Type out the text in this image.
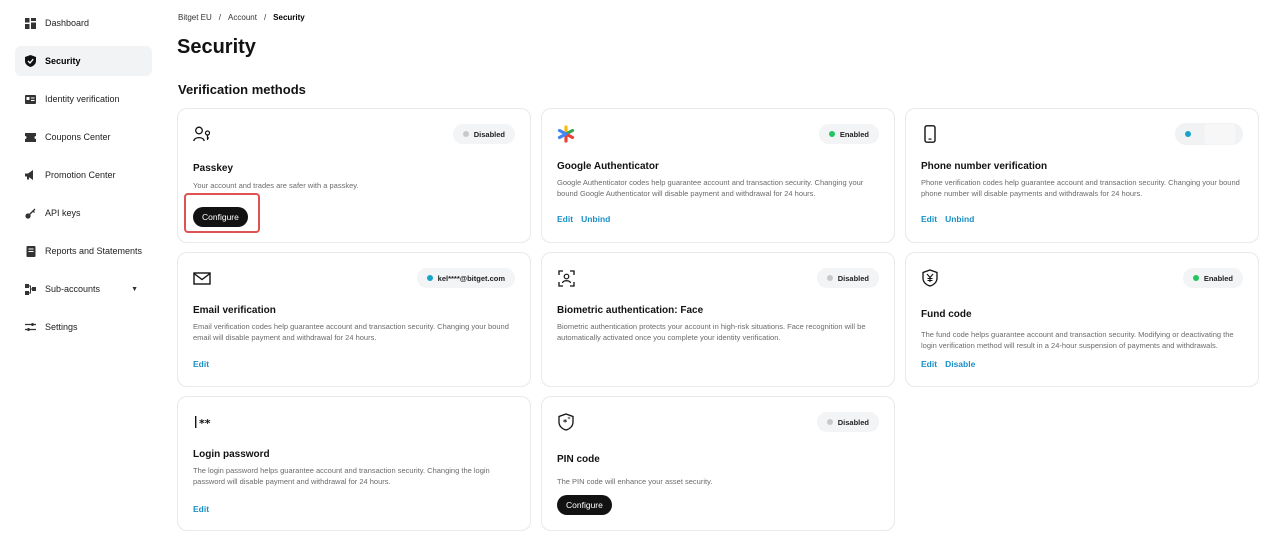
Dashboard
Security
Identity verification
Coupons Center
Promotion Center
API keys
Reports and Statements
Sub-accounts	▼
Settings
Bitget EU / Account / Security
Security
Verification methods
Disabled
Passkey
Your account and trades are safer with a passkey.
Configure
Enabled
Google Authenticator
Google Authenticator codes help guarantee account and transaction security. Changing your bound Google Authenticator will disable payment and withdrawal for 24 hours.
Edit Unbind
Phone number verification
Phone verification codes help guarantee account and transaction security. Changing your bound phone number will disable payments and withdrawals for 24 hours.
Edit Unbind
kel****@bitget.com
Email verification
Email verification codes help guarantee account and transaction security. Changing your bound email will disable payment and withdrawal for 24 hours.
Edit
Disabled
Biometric authentication: Face
Biometric authentication protects your account in high-risk situations. Face recognition will be automatically activated once you complete your identity verification.
Enabled
Fund code
The fund code helps guarantee account and transaction security. Modifying or deactivating the login verification method will result in a 24-hour suspension of payments and withdrawals.
Edit Disable
**
Login password
The login password helps guarantee account and transaction security. Changing the login password will disable payment and withdrawal for 24 hours.
Edit
* *	Disabled
PIN code
The PIN code will enhance your asset security.
Configure
